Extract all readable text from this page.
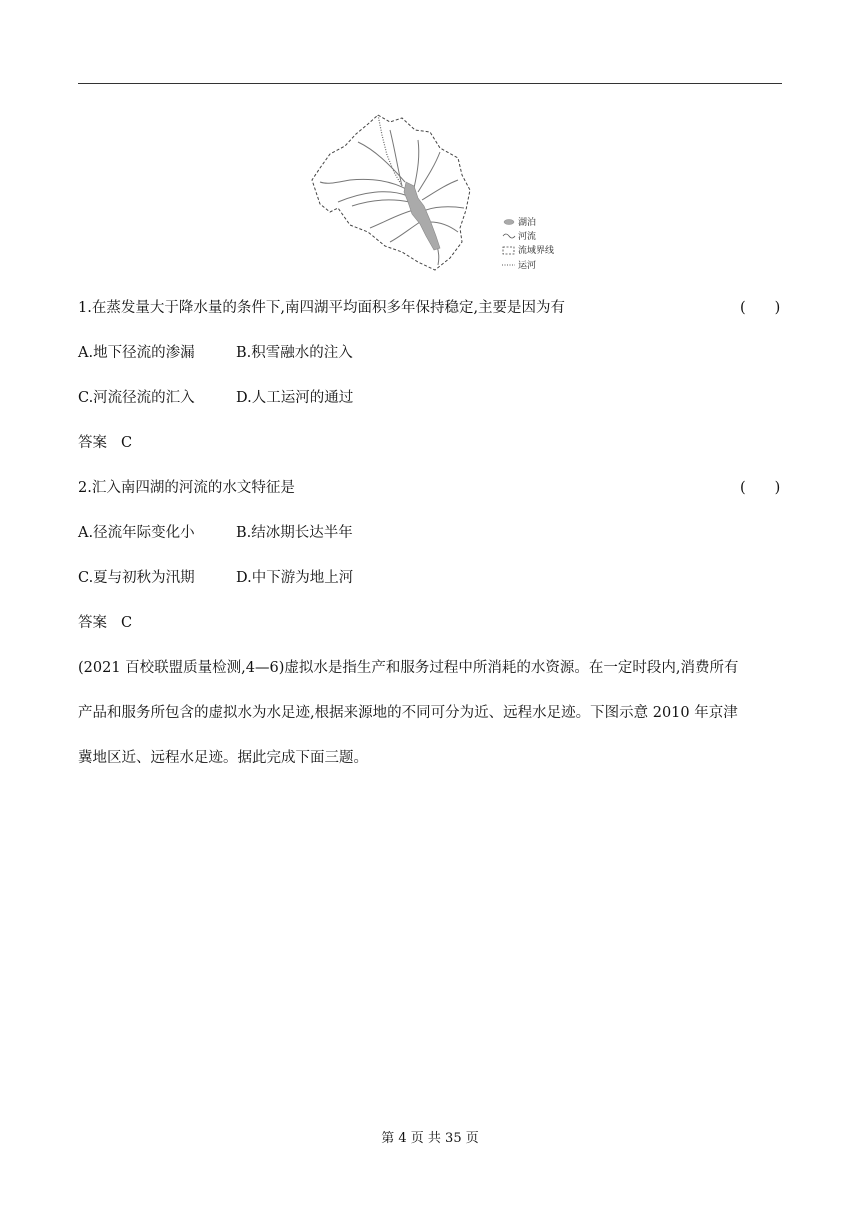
湖泊
河流
流域界线
运河
1.在蒸发量大于降水量的条件下,南四湖平均面积多年保持稳定,主要是因为有	(　　)
A.地下径流的渗漏	B.积雪融水的注入
C.河流径流的汇入	D.人工运河的通过
答案 C
2.汇入南四湖的河流的水文特征是	(　　)
A.径流年际变化小	B.结冰期长达半年
C.夏与初秋为汛期	D.中下游为地上河
答案 C
(2021 百校联盟质量检测,4—6)虚拟水是指生产和服务过程中所消耗的水资源。在一定时段内,消费所有
产品和服务所包含的虚拟水为水足迹,根据来源地的不同可分为近、远程水足迹。下图示意 2010 年京津
冀地区近、远程水足迹。据此完成下面三题。
第 4 页 共 35 页
